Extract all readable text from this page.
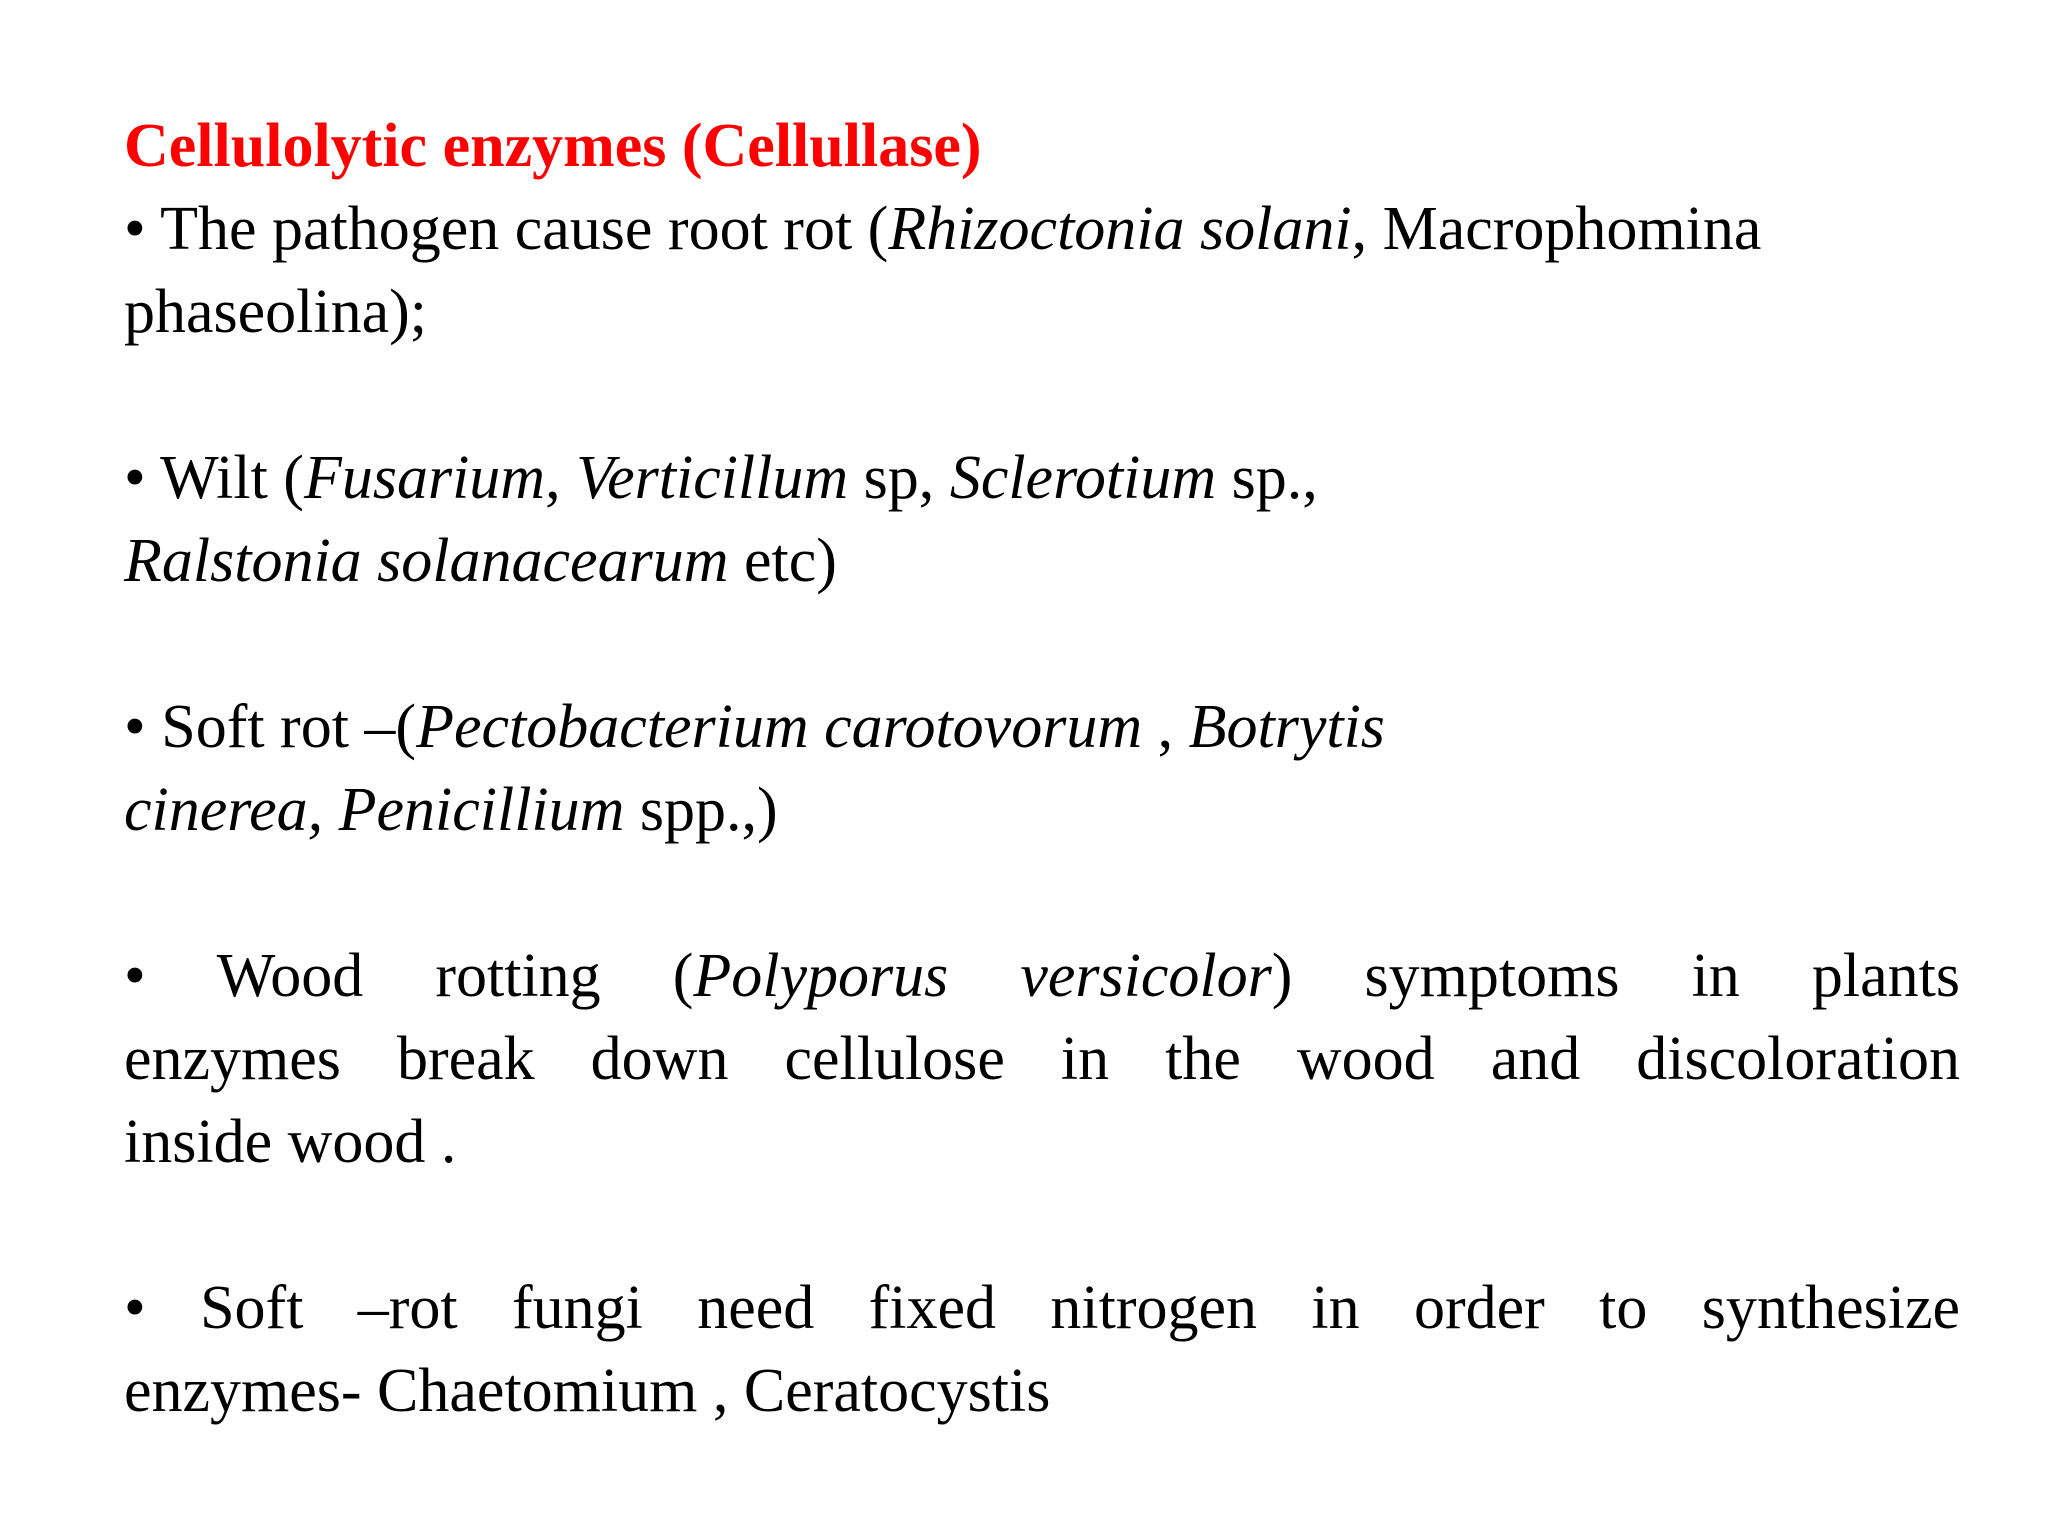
Cellulolytic enzymes (Cellullase)
• The pathogen cause root rot (Rhizoctonia solani, Macrophomina
phaseolina);
• Wilt (Fusarium, Verticillum sp, Sclerotium sp.,
Ralstonia solanacearum etc)
• Soft rot –(Pectobacterium carotovorum , Botrytis
cinerea, Penicillium spp.,)
• Wood rotting (Polyporus versicolor) symptoms in plants
enzymes break down cellulose in the wood and discoloration
inside wood .
• Soft –rot fungi need fixed nitrogen in order to synthesize
enzymes- Chaetomium , Ceratocystis
